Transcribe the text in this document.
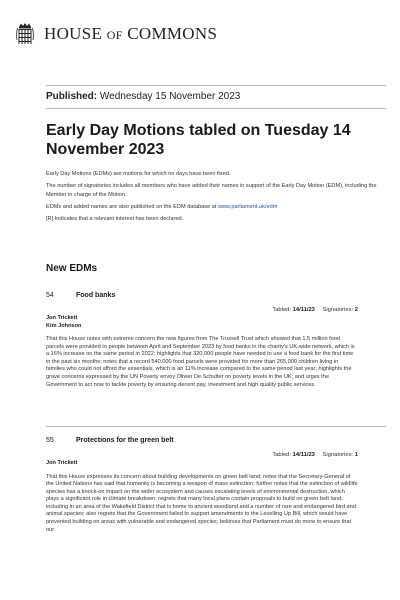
HOUSE OF COMMONS
Published: Wednesday 15 November 2023
Early Day Motions tabled on Tuesday 14 November 2023

Early Day Motions (EDMs) are motions for which no days have been fixed.

The number of signatories includes all members who have added their names in support of the Early Day Motion (EDM), including the Member in charge of the Motion.

EDMs and added names are also published on the EDM database at www.parliament.uk/edm

[R] Indicates that a relevant interest has been declared.

New EDMs
54	Food banks
Tabled: 14/11/23 Signatories: 2
Jon Trickett
Kim Johnson

That this House notes with extreme concern the new figures from The Trussell Trust which showed that 1.5 million food parcels were provided to people between April and September 2023 by food banks in the charity's UK-wide network, which is a 16% increase on the same period in 2022; highlights that 320,000 people have needed to use a food bank for the first time in the past six months; notes that a record 540,000 food parcels were provided for more than 265,000 children living in families who could not afford the essentials, which is an 11% increase compared to the same period last year; highlights the grave concerns expressed by the UN Poverty envoy Olivier De Schutter on poverty levels in the UK; and urges the Government to act now to tackle poverty by ensuring decent pay, investment and high quality public services.

55	Protections for the green belt
Tabled: 14/11/23 Signatories: 1
Jon Trickett

That this House expresses its concern about building developments on green belt land; notes that the Secretary-General of the United Nations has said that humanity is becoming a weapon of mass extinction; further notes that the extinction of wildlife species has a knock-on impact on the wider ecosystem and causes escalating levels of environmental destruction, which plays a significant role in climate breakdown; regrets that many local plans contain proposals to build on green belt land, including in an area of the Wakefield District that is home to ancient woodland and a number of rare and endangered bird and animal species; also regrets that the Government failed to support amendments to the Levelling Up Bill, which would have prevented building on areas with vulnerable and endangered species; believes that Parliament must do more to ensure that our
